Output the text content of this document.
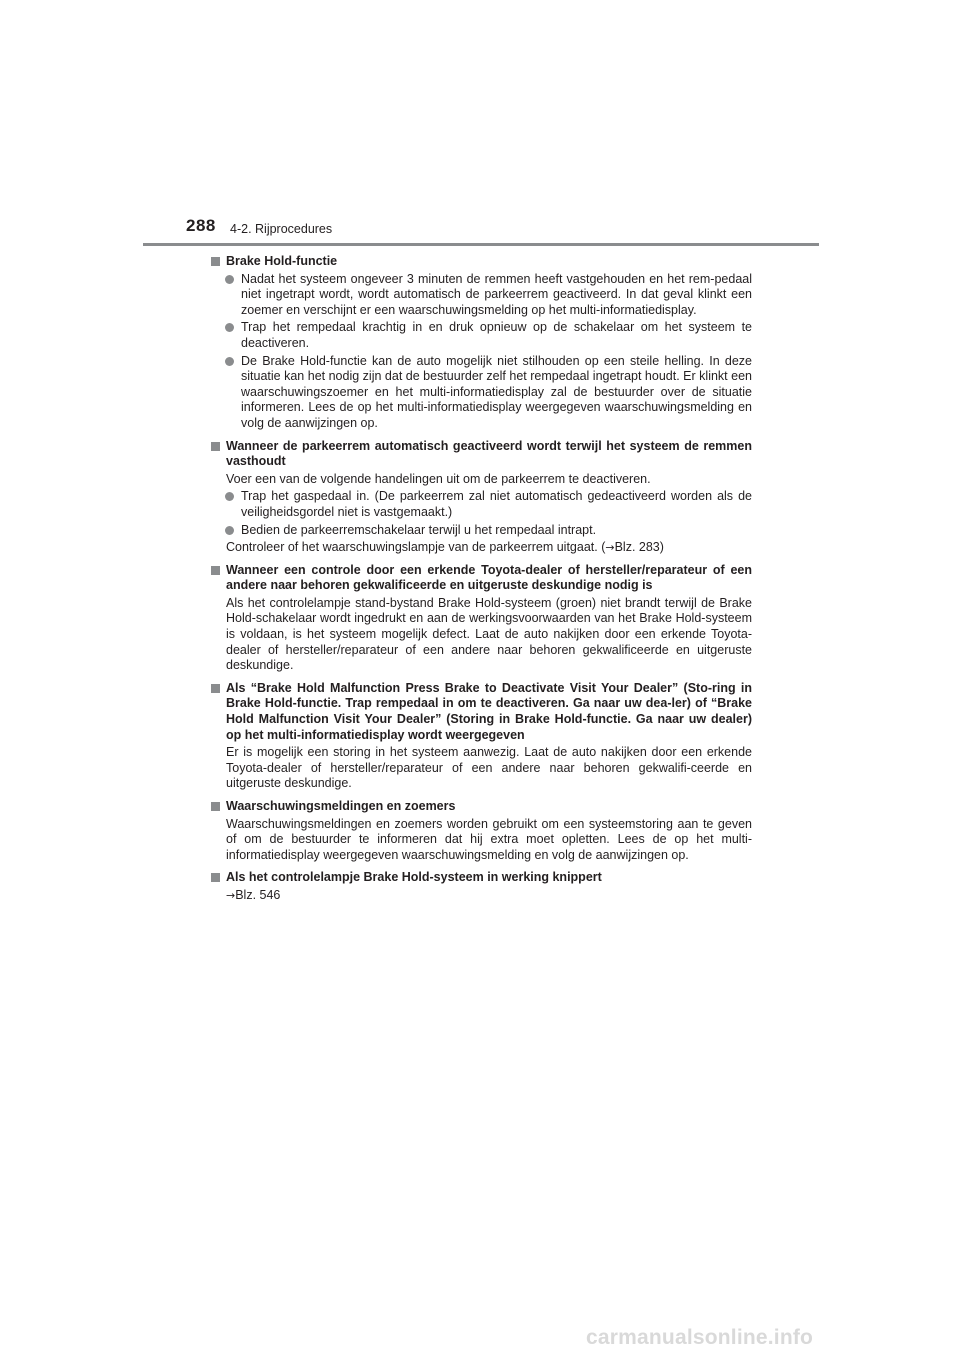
288 4-2. Rijprocedures
Brake Hold-functie
Nadat het systeem ongeveer 3 minuten de remmen heeft vastgehouden en het rem-pedaal niet ingetrapt wordt, wordt automatisch de parkeerrem geactiveerd. In dat geval klinkt een zoemer en verschijnt er een waarschuwingsmelding op het multi-informatiedisplay.
Trap het rempedaal krachtig in en druk opnieuw op de schakelaar om het systeem te deactiveren.
De Brake Hold-functie kan de auto mogelijk niet stilhouden op een steile helling. In deze situatie kan het nodig zijn dat de bestuurder zelf het rempedaal ingetrapt houdt. Er klinkt een waarschuwingszoemer en het multi-informatiedisplay zal de bestuurder over de situatie informeren. Lees de op het multi-informatiedisplay weergegeven waarschuwingsmelding en volg de aanwijzingen op.
Wanneer de parkeerrem automatisch geactiveerd wordt terwijl het systeem de remmen vasthoudt
Voer een van de volgende handelingen uit om de parkeerrem te deactiveren.
Trap het gaspedaal in. (De parkeerrem zal niet automatisch gedeactiveerd worden als de veiligheidsgordel niet is vastgemaakt.)
Bedien de parkeerremschakelaar terwijl u het rempedaal intrapt.
Controleer of het waarschuwingslampje van de parkeerrem uitgaat. (→Blz. 283)
Wanneer een controle door een erkende Toyota-dealer of hersteller/reparateur of een andere naar behoren gekwalificeerde en uitgeruste deskundige nodig is
Als het controlelampje stand-bystand Brake Hold-systeem (groen) niet brandt terwijl de Brake Hold-schakelaar wordt ingedrukt en aan de werkingsvoorwaarden van het Brake Hold-systeem is voldaan, is het systeem mogelijk defect. Laat de auto nakijken door een erkende Toyota-dealer of hersteller/reparateur of een andere naar behoren gekwalificeerde en uitgeruste deskundige.
Als “Brake Hold Malfunction Press Brake to Deactivate Visit Your Dealer” (Sto-ring in Brake Hold-functie. Trap rempedaal in om te deactiveren. Ga naar uw dea-ler) of “Brake Hold Malfunction Visit Your Dealer” (Storing in Brake Hold-functie. Ga naar uw dealer) op het multi-informatiedisplay wordt weergegeven
Er is mogelijk een storing in het systeem aanwezig. Laat de auto nakijken door een erkende Toyota-dealer of hersteller/reparateur of een andere naar behoren gekwalifi-ceerde en uitgeruste deskundige.
Waarschuwingsmeldingen en zoemers
Waarschuwingsmeldingen en zoemers worden gebruikt om een systeemstoring aan te geven of om de bestuurder te informeren dat hij extra moet opletten. Lees de op het multi-informatiedisplay weergegeven waarschuwingsmelding en volg de aanwijzingen op.
Als het controlelampje Brake Hold-systeem in werking knippert
→Blz. 546
carmanualsonline.info
